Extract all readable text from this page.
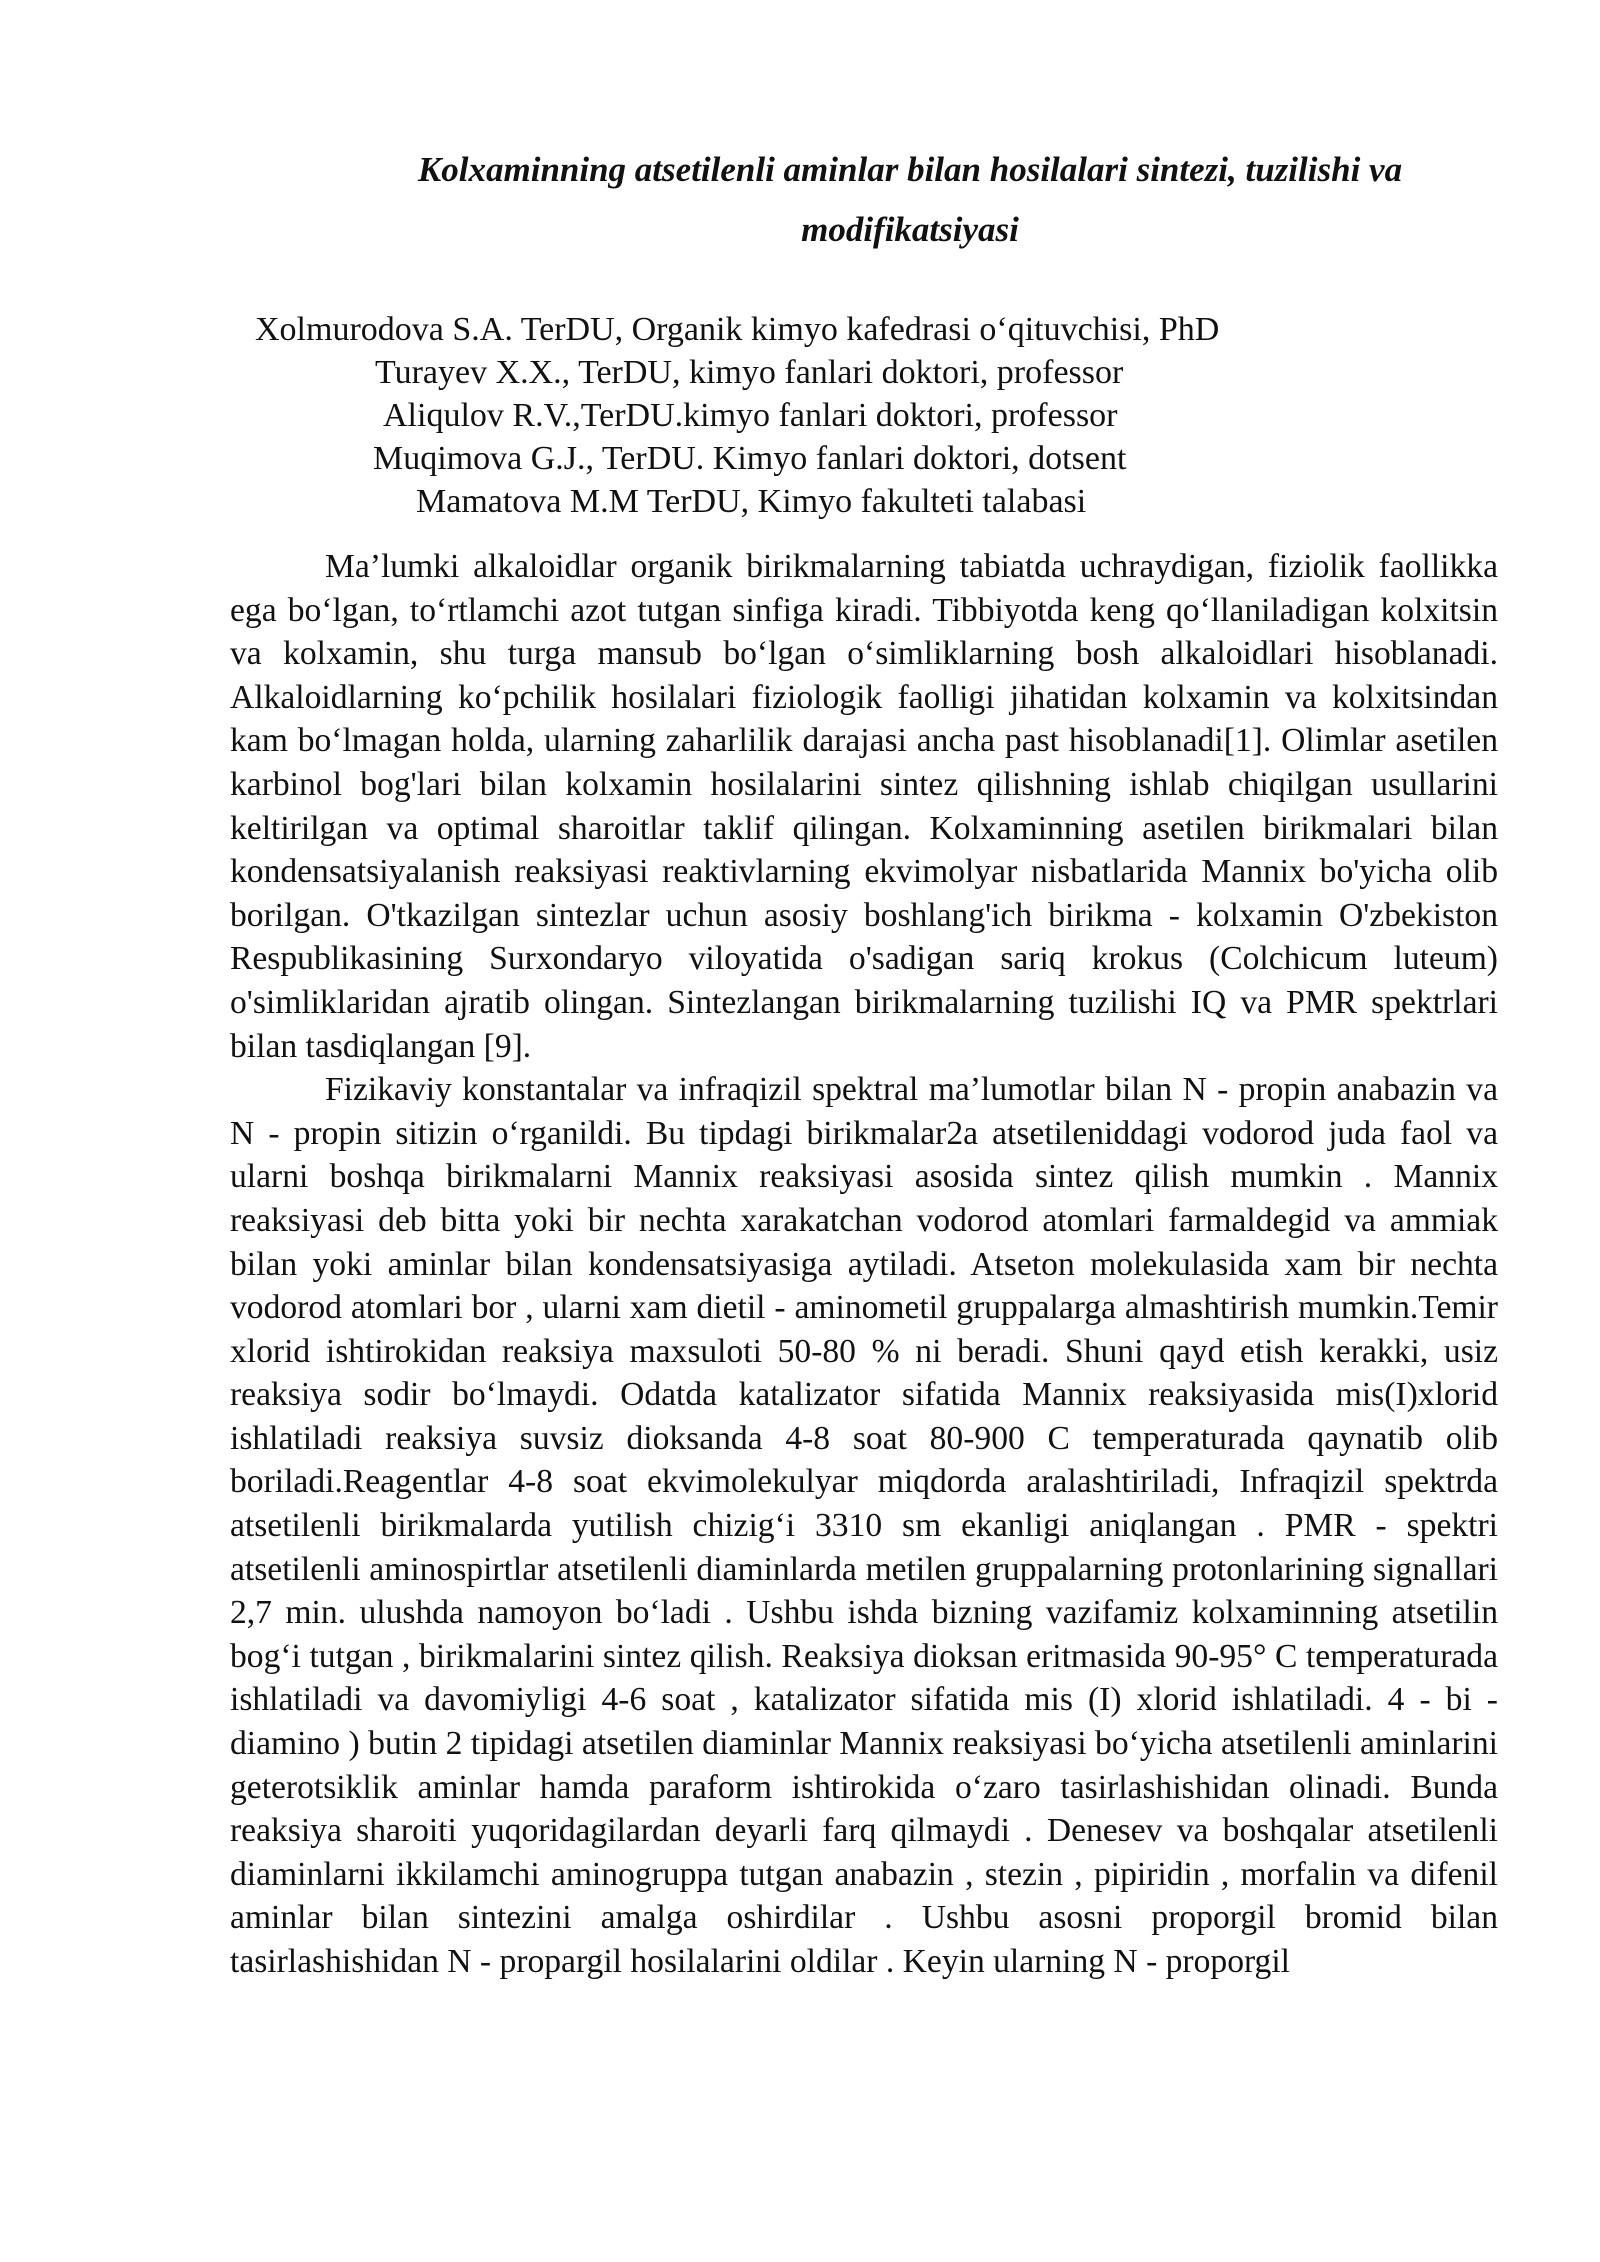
Kolxaminning atsetilenli aminlar bilan hosilalari sintezi, tuzilishi va modifikatsiyasi
Xolmurodova S.A. TerDU, Organik kimyo kafedrasi o‘qituvchisi, PhD
Turayev X.X., TerDU, kimyo fanlari doktori, professor
Aliqulov R.V.,TerDU.kimyo fanlari doktori, professor
Muqimova G.J., TerDU. Kimyo fanlari doktori, dotsent
Mamatova M.M TerDU, Kimyo fakulteti talabasi

Ma’lumki alkaloidlar organik birikmalarning tabiatda uchraydigan, fiziolik faollikka ega bo‘lgan, to‘rtlamchi azot tutgan sinfiga kiradi. Tibbiyotda keng qo‘llaniladigan kolxitsin va kolxamin, shu turga mansub bo‘lgan o‘simliklarning bosh alkaloidlari hisoblanadi. Alkaloidlarning ko‘pchilik hosilalari fiziologik faolligi jihatidan kolxamin va kolxitsindan kam bo‘lmagan holda, ularning zaharlilik darajasi ancha past hisoblanadi[1]. Olimlar asetilen karbinol bog'lari bilan kolxamin hosilalarini sintez qilishning ishlab chiqilgan usullarini keltirilgan va optimal sharoitlar taklif qilingan. Kolxaminning asetilen birikmalari bilan kondensatsiyalanish reaksiyasi reaktivlarning ekvimolyar nisbatlarida Mannix bo'yicha olib borilgan. O'tkazilgan sintezlar uchun asosiy boshlang'ich birikma - kolxamin O'zbekiston Respublikasining Surxondaryo viloyatida o'sadigan sariq krokus (Colchicum luteum) o'simliklaridan ajratib olingan. Sintezlangan birikmalarning tuzilishi IQ va PMR spektrlari bilan tasdiqlangan [9].

Fizikaviy konstantalar va infraqizil spektral ma’lumotlar bilan N - propin anabazin va N - propin sitizin o‘rganildi. Bu tipdagi birikmalar2a atsetileniddagi vodorod juda faol va ularni boshqa birikmalarni Mannix reaksiyasi asosida sintez qilish mumkin . Mannix reaksiyasi deb bitta yoki bir nechta xarakatchan vodorod atomlari farmaldegid va ammiak bilan yoki aminlar bilan kondensatsiyasiga aytiladi. Atseton molekulasida xam bir nechta vodorod atomlari bor , ularni xam dietil - aminometil gruppalarga almashtirish mumkin.Temir xlorid ishtirokidan reaksiya maxsuloti 50-80 % ni beradi. Shuni qayd etish kerakki, usiz reaksiya sodir bo‘lmaydi. Odatda katalizator sifatida Mannix reaksiyasida mis(I)xlorid ishlatiladi reaksiya suvsiz dioksanda 4-8 soat 80-900 C temperaturada qaynatib olib boriladi.Reagentlar 4-8 soat ekvimolekulyar miqdorda aralashtiriladi, Infraqizil spektrda atsetilenli birikmalarda yutilish chizig‘i 3310 sm ekanligi aniqlangan . PMR - spektri atsetilenli aminospirtlar atsetilenli diaminlarda metilen gruppalarning protonlarining signallari 2,7 min. ulushda namoyon bo‘ladi . Ushbu ishda bizning vazifamiz kolxaminning atsetilin bog‘i tutgan , birikmalarini sintez qilish. Reaksiya dioksan eritmasida 90-95° C temperaturada ishlatiladi va davomiyligi 4-6 soat , katalizator sifatida mis (I) xlorid ishlatiladi. 4 - bi -diamino ) butin 2 tipidagi atsetilen diaminlar Mannix reaksiyasi bo‘yicha atsetilenli aminlarini geterotsiklik aminlar hamda paraform ishtirokida o‘zaro tasirlashishidan olinadi. Bunda reaksiya sharoiti yuqoridagilardan deyarli farq qilmaydi . Denesev va boshqalar atsetilenli diaminlarni ikkilamchi aminogruppa tutgan anabazin , stezin , pipiridin , morfalin va difenil aminlar bilan sintezini amalga oshirdilar . Ushbu asosni proporgil bromid bilan tasirlashishidan N - propargil hosilalarini oldilar . Keyin ularning N - proporgil
